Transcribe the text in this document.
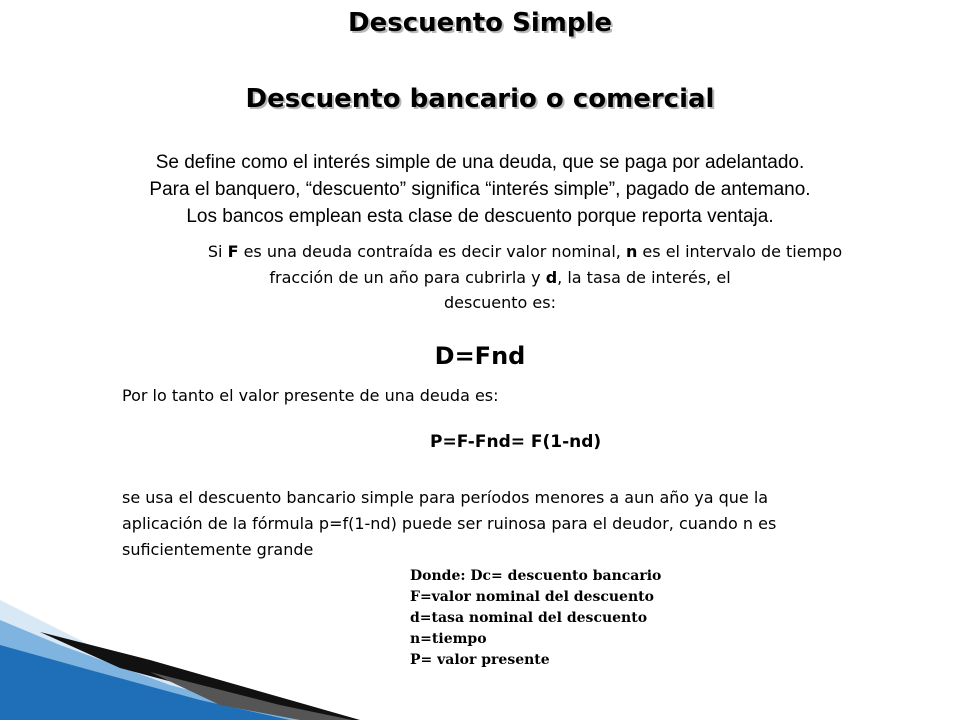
Descuento Simple
Descuento bancario o comercial
Se define como el interés simple de una deuda, que se paga por adelantado.
Para el banquero, “descuento” significa “interés simple”, pagado de antemano.
Los bancos emplean esta clase de descuento porque reporta ventaja.
Si F es una deuda contraída es decir valor nominal, n es el intervalo de tiempo
fracción de un año para cubrirla y d, la tasa de interés, el
descuento es:
D=Fnd
Por lo tanto el valor presente de una deuda es:
P=F-Fnd= F(1-nd)
se usa el descuento bancario simple para períodos menores a aun año ya que la
aplicación de la fórmula p=f(1-nd) puede ser ruinosa para el deudor, cuando n es
suficientemente grande
Donde: Dc= descuento bancario
F=valor nominal del descuento
d=tasa nominal del descuento
n=tiempo
P= valor presente
